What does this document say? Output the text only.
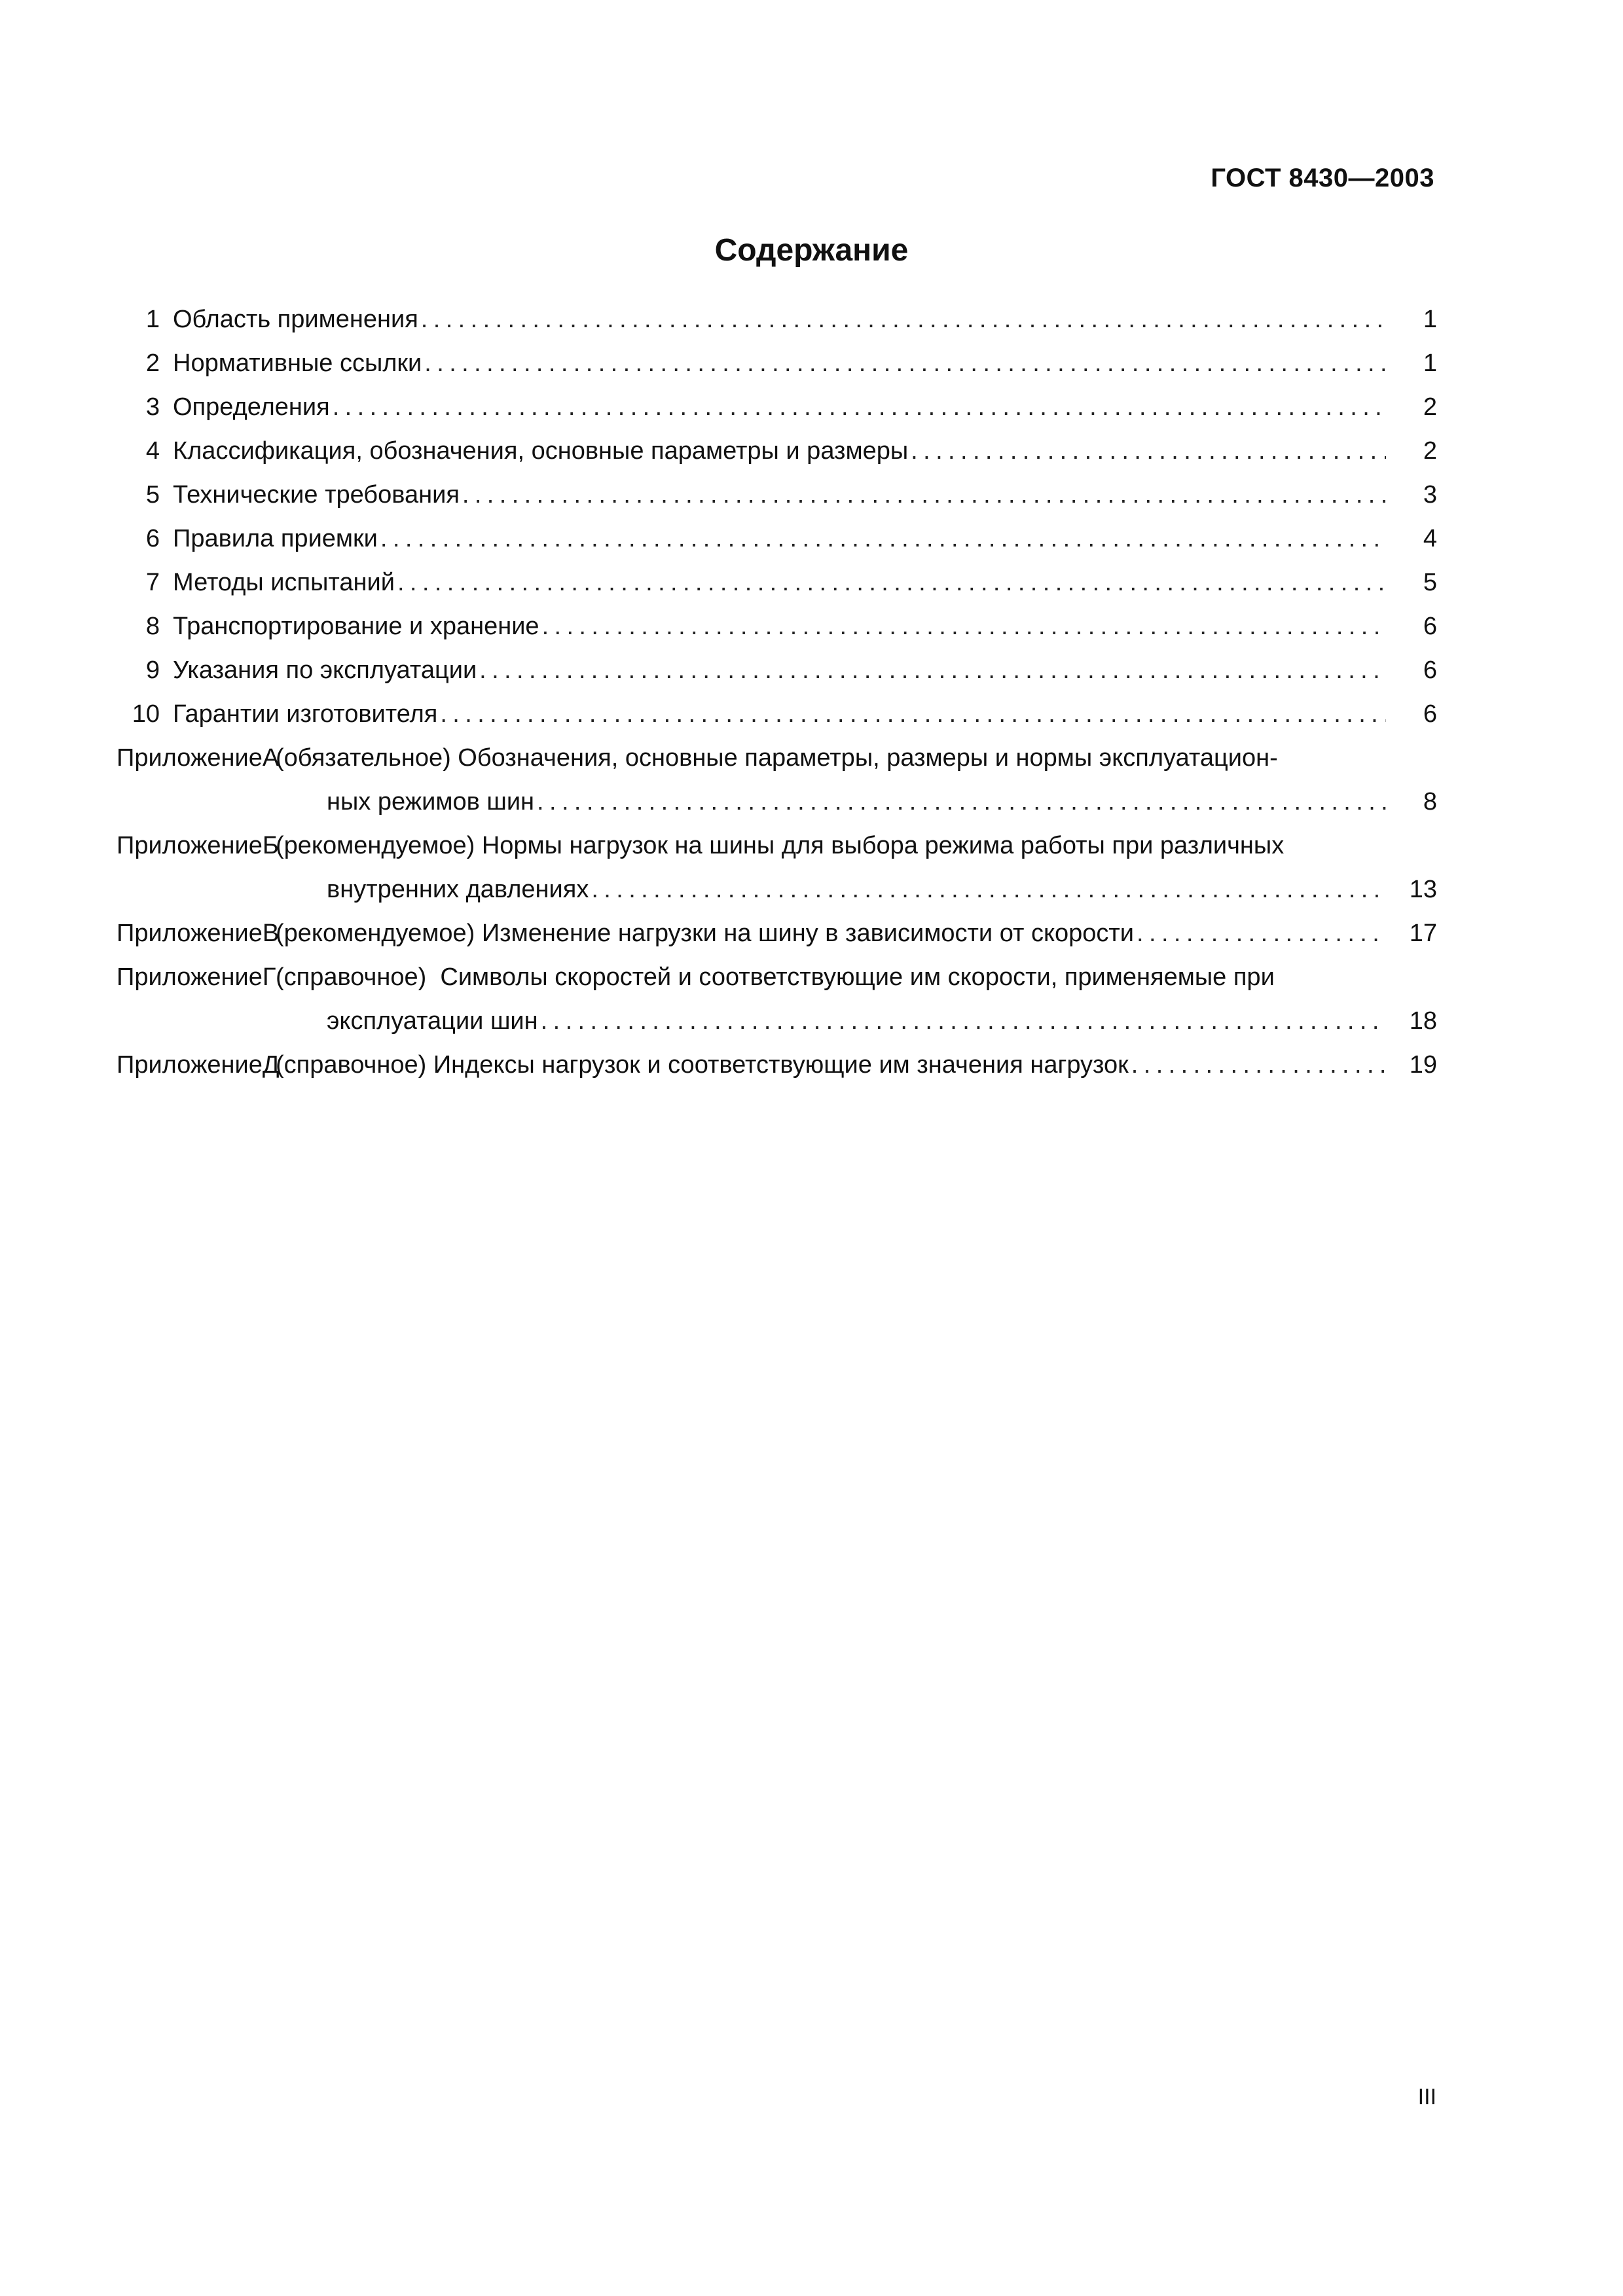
ГОСТ 8430—2003
Содержание
1 Область применения .....	1
2 Нормативные ссылки .....	1
3 Определения .....	2
4 Классификация, обозначения, основные параметры и размеры .....	2
5 Технические требования .....	3
6 Правила приемки .....	4
7 Методы испытаний .....	5
8 Транспортирование и хранение .....	6
9 Указания по эксплуатации .....	6
10 Гарантии изготовителя .....	6
Приложение А
(обязательное) Обозначения, основные параметры, размеры и нормы эксплуатацион-
ных режимов шин .....	8
Приложение Б
(рекомендуемое) Нормы нагрузок на шины для выбора режима работы при различных
внутренних давлениях .....	13
Приложение В
(рекомендуемое) Изменение нагрузки на шину в зависимости от скорости .....	17
Приложение Г (справочное)  Символы скоростей и соответствующие им скорости, применяемые при
эксплуатации шин .....	18
Приложение Д
(справочное) Индексы нагрузок и соответствующие им значения нагрузок .....	19
III
